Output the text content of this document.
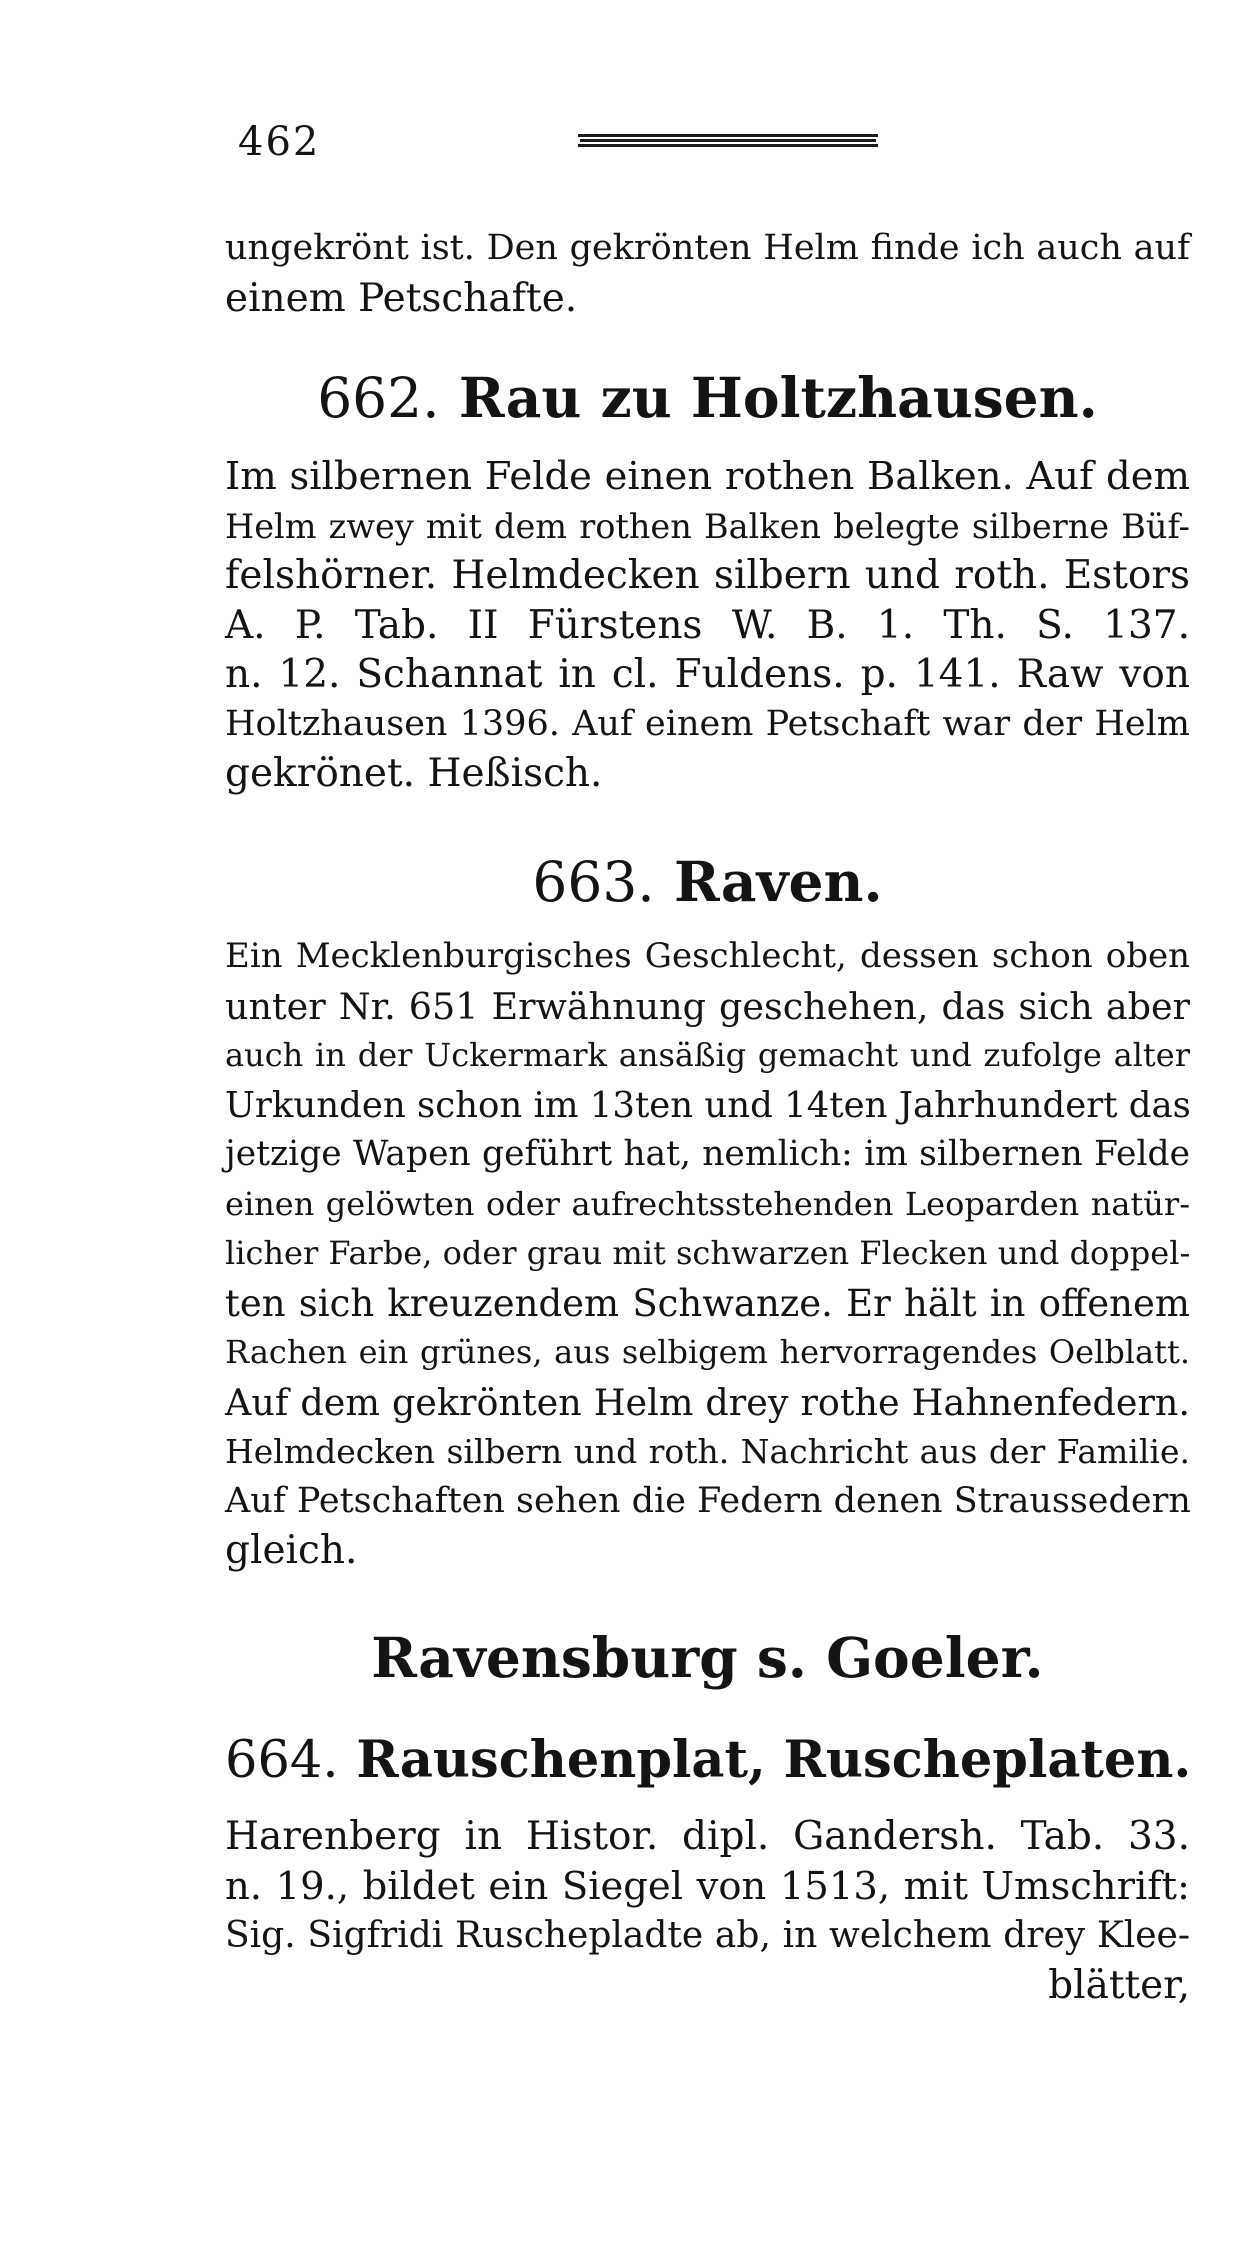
462
ungekrönt ist. Den gekrönten Helm finde ich auch auf
einem Petschafte.
662. Rau zu Holtzhausen.
Im silbernen Felde einen rothen Balken. Auf dem
Helm zwey mit dem rothen Balken belegte silberne Büf-
felshörner. Helmdecken silbern und roth. Estors
A. P. Tab. II Fürstens W. B. 1. Th. S. 137.
n. 12. Schannat in cl. Fuldens. p. 141. Raw von
Holtzhausen 1396. Auf einem Petschaft war der Helm
gekrönet. Heßisch.
663. Raven.
Ein Mecklenburgisches Geschlecht, dessen schon oben
unter Nr. 651 Erwähnung geschehen, das sich aber
auch in der Uckermark ansäßig gemacht und zufolge alter
Urkunden schon im 13ten und 14ten Jahrhundert das
jetzige Wapen geführt hat, nemlich: im silbernen Felde
einen gelöwten oder aufrechtsstehenden Leoparden natür-
licher Farbe, oder grau mit schwarzen Flecken und doppel-
ten sich kreuzendem Schwanze. Er hält in offenem
Rachen ein grünes, aus selbigem hervorragendes Oelblatt.
Auf dem gekrönten Helm drey rothe Hahnenfedern.
Helmdecken silbern und roth. Nachricht aus der Familie.
Auf Petschaften sehen die Federn denen Straussedern
gleich.
Ravensburg s. Goeler.
664. Rauschenplat, Ruscheplaten.
Harenberg in Histor. dipl. Gandersh. Tab. 33.
n. 19., bildet ein Siegel von 1513, mit Umschrift:
Sig. Sigfridi Ruschepladte ab, in welchem drey Klee-
blätter,
